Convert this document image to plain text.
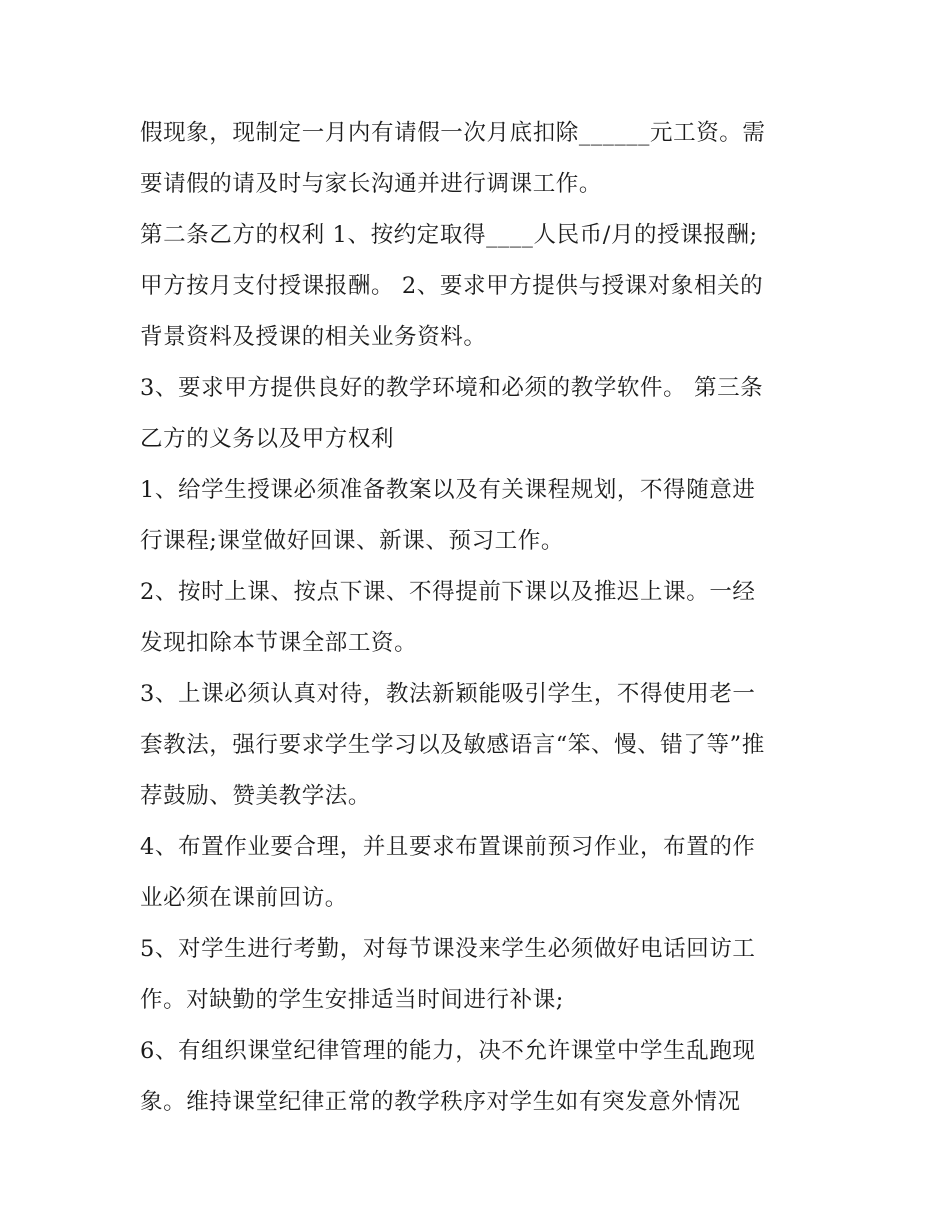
假现象，现制定一月内有请假一次月底扣除______元工资。需
要请假的请及时与家长沟通并进行调课工作。
第二条乙方的权利 1、按约定取得____人民币/月的授课报酬;
甲方按月支付授课报酬。 2、要求甲方提供与授课对象相关的
背景资料及授课的相关业务资料。
3、要求甲方提供良好的教学环境和必须的教学软件。 第三条
乙方的义务以及甲方权利
1、给学生授课必须准备教案以及有关课程规划，不得随意进
行课程;课堂做好回课、新课、预习工作。
2、按时上课、按点下课、不得提前下课以及推迟上课。一经
发现扣除本节课全部工资。
3、上课必须认真对待，教法新颖能吸引学生，不得使用老一
套教法，强行要求学生学习以及敏感语言“笨、慢、错了等”推
荐鼓励、赞美教学法。
4、布置作业要合理，并且要求布置课前预习作业，布置的作
业必须在课前回访。
5、对学生进行考勤，对每节课没来学生必须做好电话回访工
作。对缺勤的学生安排适当时间进行补课;
6、有组织课堂纪律管理的能力，决不允许课堂中学生乱跑现
象。维持课堂纪律正常的教学秩序对学生如有突发意外情况
